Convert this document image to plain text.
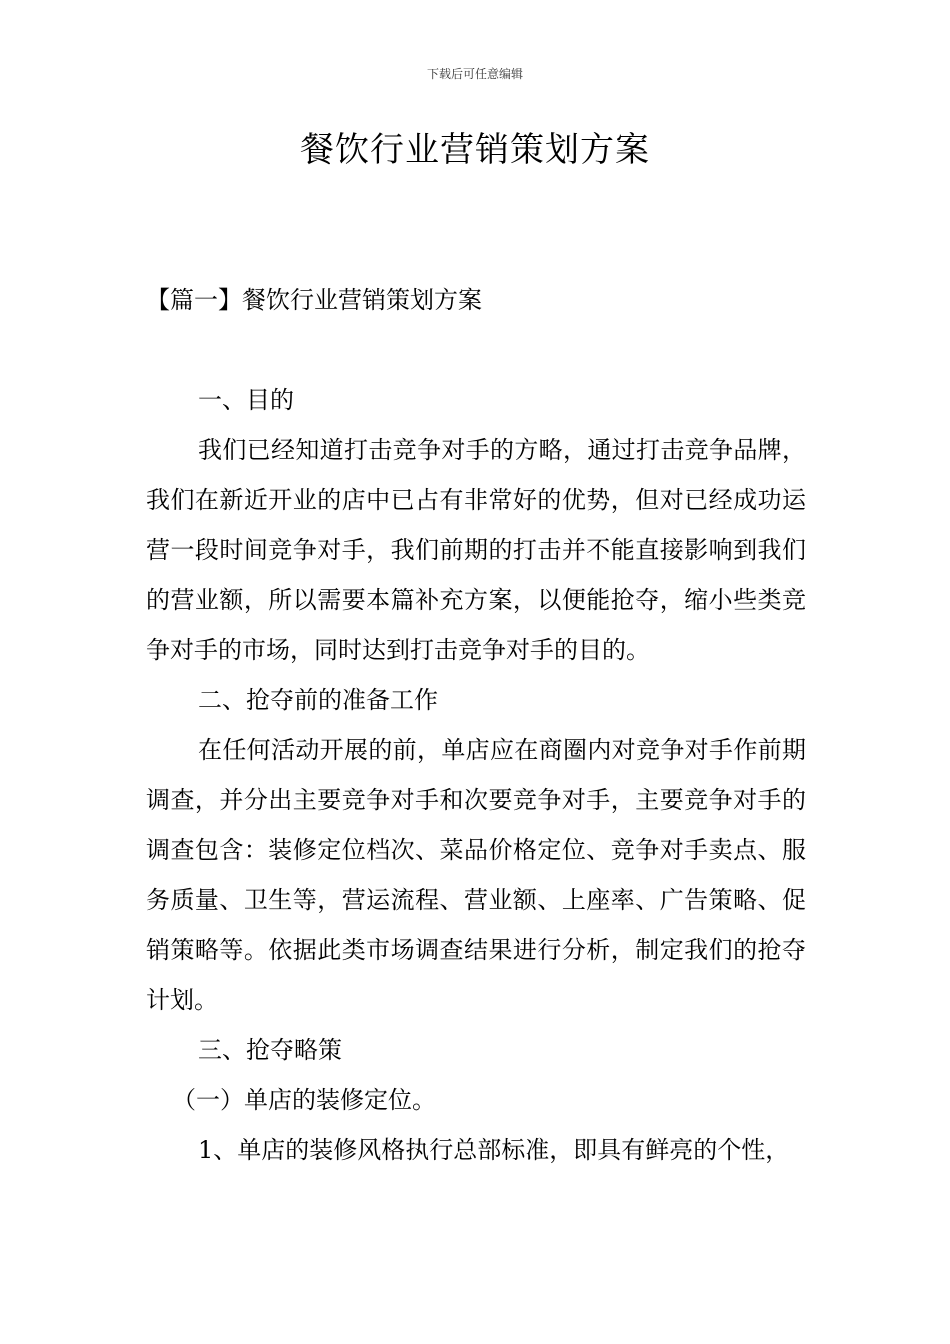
下载后可任意编辑
餐饮行业营销策划方案
【篇一】餐饮行业营销策划方案

一、目的

我们已经知道打击竞争对手的方略，通过打击竞争品牌，我们在新近开业的店中已占有非常好的优势，但对已经成功运营一段时间竞争对手，我们前期的打击并不能直接影响到我们的营业额，所以需要本篇补充方案，以便能抢夺，缩小些类竞争对手的市场，同时达到打击竞争对手的目的。

二、抢夺前的准备工作

在任何活动开展的前，单店应在商圈内对竞争对手作前期调查，并分出主要竞争对手和次要竞争对手，主要竞争对手的调查包含：装修定位档次、菜品价格定位、竞争对手卖点、服务质量、卫生等，营运流程、营业额、上座率、广告策略、促销策略等。依据此类市场调查结果进行分析，制定我们的抢夺计划。

三、抢夺略策

（一）单店的装修定位。

1、单店的装修风格执行总部标准，即具有鲜亮的个性，
